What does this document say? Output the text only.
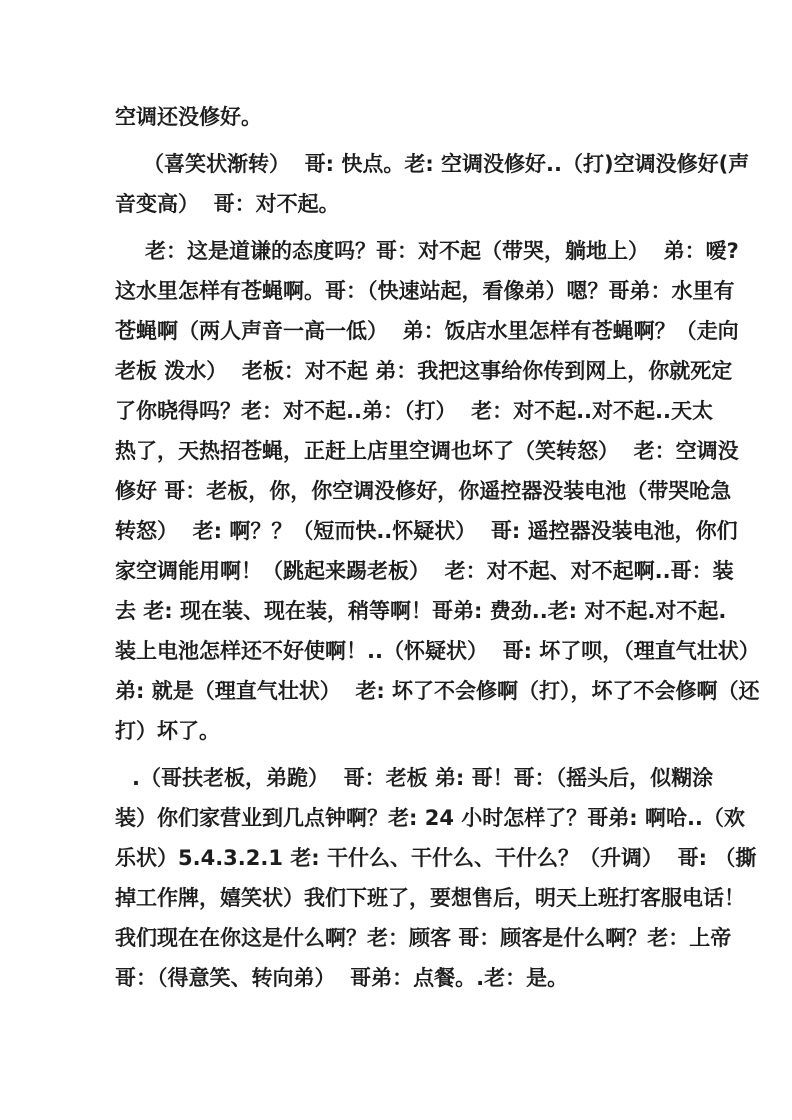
空调还没修好。
（喜笑状渐转）  哥: 快点。老: 空调没修好..（打)空调没修好(声
音变高）  哥：对不起。
老：这是道谦的态度吗？哥：对不起（带哭，躺地上）  弟：嗳?
这水里怎样有苍蝇啊。哥：（快速站起，看像弟）嗯？哥弟：水里有
苍蝇啊（两人声音一高一低）  弟：饭店水里怎样有苍蝇啊？（走向
老板 泼水）  老板：对不起 弟：我把这事给你传到网上，你就死定
了你晓得吗？老：对不起..弟：（打）  老：对不起..对不起..天太
热了，天热招苍蝇，正赶上店里空调也坏了（笑转怒）  老：空调没
修好 哥：老板，你，你空调没修好，你遥控器没装电池（带哭呛急
转怒）  老: 啊？？（短而快..怀疑状）  哥: 遥控器没装电池，你们
家空调能用啊！（跳起来踢老板）  老：对不起、对不起啊..哥：装
去 老: 现在装、现在装，稍等啊！哥弟: 费劲..老: 对不起.对不起.
装上电池怎样还不好使啊！..（怀疑状）  哥: 坏了呗，（理直气壮状）
弟: 就是（理直气壮状）  老: 坏了不会修啊（打），坏了不会修啊（还
打）坏了。
.（哥扶老板，弟跪）  哥：老板 弟: 哥！哥：（摇头后，似糊涂
装）你们家营业到几点钟啊？老: 24 小时怎样了？哥弟: 啊哈..（欢
乐状）5.4.3.2.1 老: 干什么、干什么、干什么？（升调）  哥: （撕
掉工作牌，嬉笑状）我们下班了，要想售后，明天上班打客服电话！
我们现在在你这是什么啊？老：顾客 哥：顾客是什么啊？老：上帝
哥：（得意笑、转向弟）  哥弟：点餐。.老：是。
